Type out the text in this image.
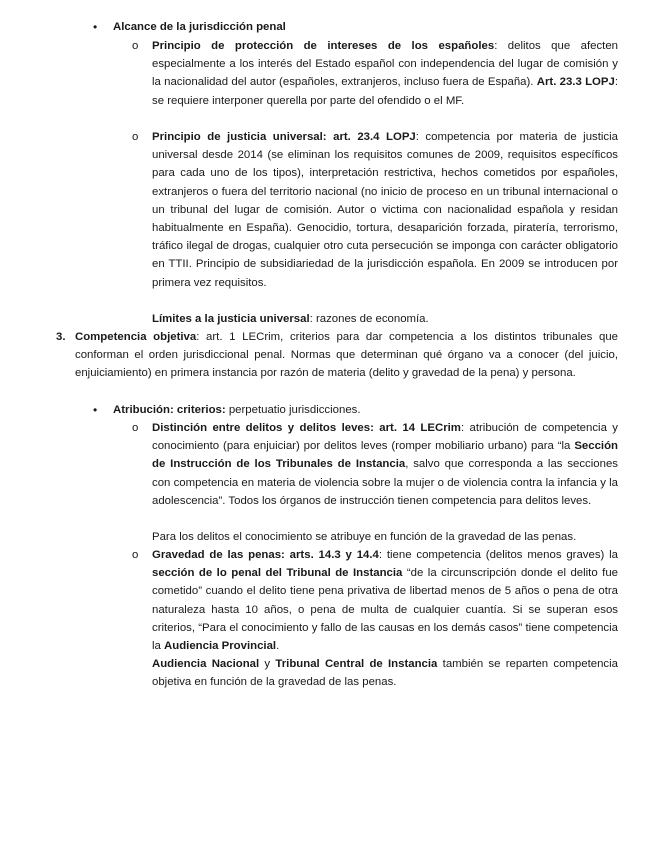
• Alcance de la jurisdicción penal
o Principio de protección de intereses de los españoles: delitos que afecten especialmente a los interés del Estado español con independencia del lugar de comisión y la nacionalidad del autor (españoles, extranjeros, incluso fuera de España). Art. 23.3 LOPJ: se requiere interponer querella por parte del ofendido o el MF.
o Principio de justicia universal: art. 23.4 LOPJ: competencia por materia de justicia universal desde 2014 (se eliminan los requisitos comunes de 2009, requisitos específicos para cada uno de los tipos), interpretación restrictiva, hechos cometidos por españoles, extranjeros o fuera del territorio nacional (no inicio de proceso en un tribunal internacional o un tribunal del lugar de comisión. Autor o victima con nacionalidad española y residan habitualmente en España). Genocidio, tortura, desaparición forzada, piratería, terrorismo, tráfico ilegal de drogas, cualquier otro cuta persecución se imponga con carácter obligatorio en TTII. Principio de subsidiariedad de la jurisdicción española. En 2009 se introducen por primera vez requisitos.
Límites a la justicia universal: razones de economía.
3. Competencia objetiva: art. 1 LECrim, criterios para dar competencia a los distintos tribunales que conforman el orden jurisdiccional penal. Normas que determinan qué órgano va a conocer (del juicio, enjuiciamiento) en primera instancia por razón de materia (delito y gravedad de la pena) y persona.
• Atribución: criterios: perpetuatio jurisdicciones.
o Distinción entre delitos y delitos leves: art. 14 LECrim: atribución de competencia y conocimiento (para enjuiciar) por delitos leves (romper mobiliario urbano) para “la Sección de Instrucción de los Tribunales de Instancia, salvo que corresponda a las secciones con competencia en materia de violencia sobre la mujer o de violencia contra la infancia y la adolescencia”. Todos los órganos de instrucción tienen competencia para delitos leves.
Para los delitos el conocimiento se atribuye en función de la gravedad de las penas.
o Gravedad de las penas: arts. 14.3 y 14.4: tiene competencia (delitos menos graves) la sección de lo penal del Tribunal de Instancia “de la circunscripción donde el delito fue cometido” cuando el delito tiene pena privativa de libertad menos de 5 años o pena de otra naturaleza hasta 10 años, o pena de multa de cualquier cuantía. Si se superan esos criterios, “Para el conocimiento y fallo de las causas en los demás casos” tiene competencia la Audiencia Provincial.
Audiencia Nacional y Tribunal Central de Instancia también se reparten competencia objetiva en función de la gravedad de las penas.
